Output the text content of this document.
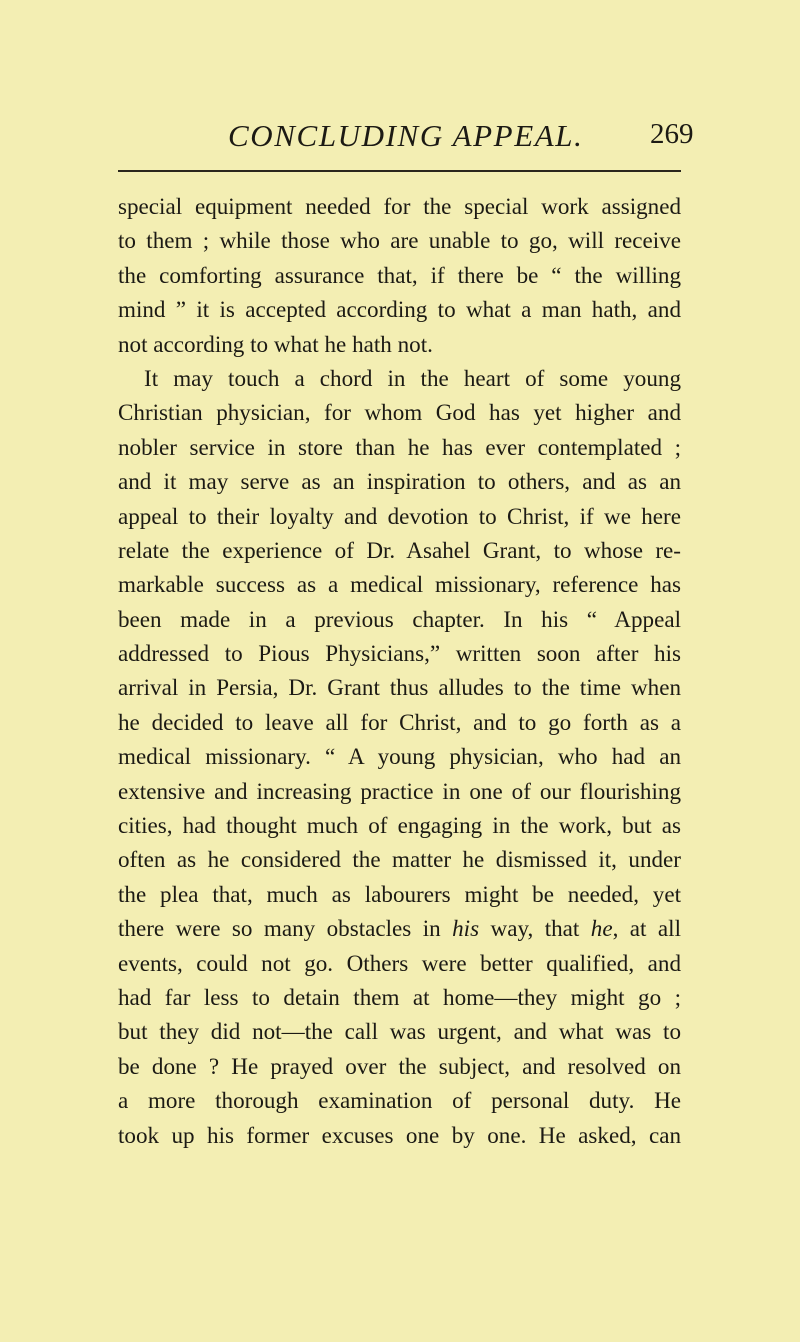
CONCLUDING APPEAL. 269
special equipment needed for the special work assigned
to them ; while those who are unable to go, will receive
the comforting assurance that, if there be “ the willing
mind ” it is accepted according to what a man hath, and
not according to what he hath not.
It may touch a chord in the heart of some young
Christian physician, for whom God has yet higher and
nobler service in store than he has ever contemplated ;
and it may serve as an inspiration to others, and as an
appeal to their loyalty and devotion to Christ, if we here
relate the experience of Dr. Asahel Grant, to whose re-
markable success as a medical missionary, reference has
been made in a previous chapter. In his “ Appeal
addressed to Pious Physicians,” written soon after his
arrival in Persia, Dr. Grant thus alludes to the time when
he decided to leave all for Christ, and to go forth as a
medical missionary. “ A young physician, who had an
extensive and increasing practice in one of our flourishing
cities, had thought much of engaging in the work, but as
often as he considered the matter he dismissed it, under
the plea that, much as labourers might be needed, yet
there were so many obstacles in his way, that he, at all
events, could not go. Others were better qualified, and
had far less to detain them at home—they might go ;
but they did not—the call was urgent, and what was to
be done ? He prayed over the subject, and resolved on
a more thorough examination of personal duty. He
took up his former excuses one by one. He asked, can
